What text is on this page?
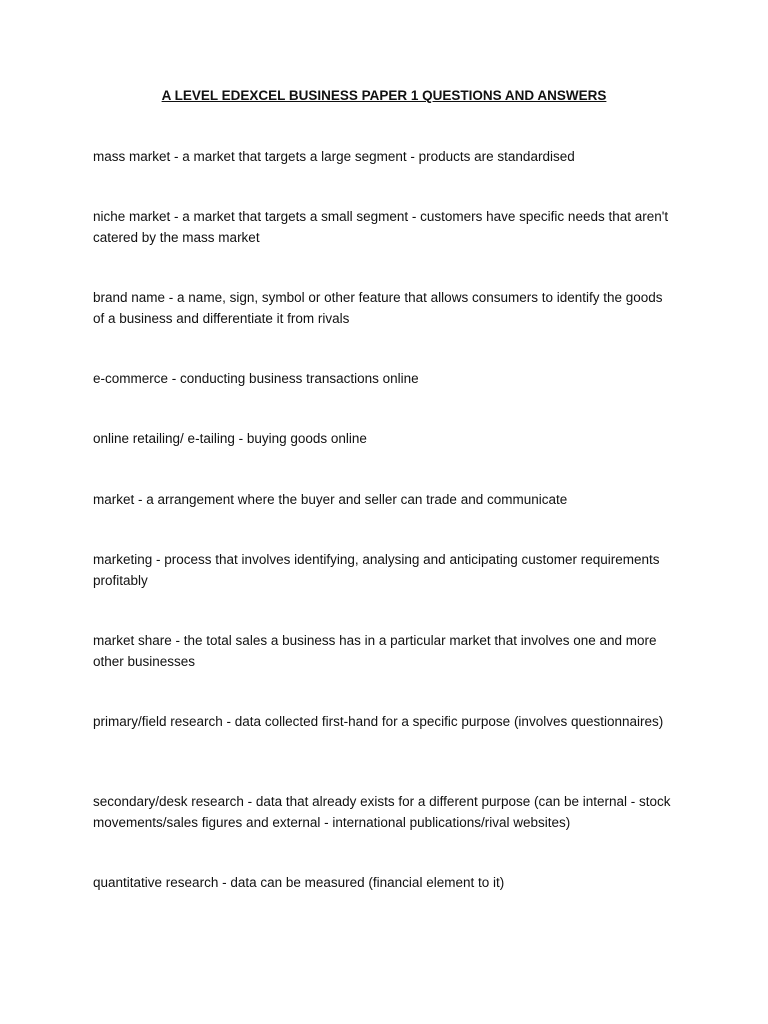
A LEVEL EDEXCEL BUSINESS PAPER 1 QUESTIONS AND ANSWERS
mass market - a market that targets a large segment - products are standardised
niche market - a market that targets a small segment - customers have specific needs that aren't catered by the mass market
brand name - a name, sign, symbol or other feature that allows consumers to identify the goods of a business and differentiate it from rivals
e-commerce - conducting business transactions online
online retailing/ e-tailing - buying goods online
market - a arrangement where the buyer and seller can trade and communicate
marketing - process that involves identifying, analysing and anticipating customer requirements profitably
market share - the total sales a business has in a particular market that involves one and more other businesses
primary/field research - data collected first-hand for a specific purpose (involves questionnaires)
secondary/desk research - data that already exists for a different purpose (can be internal - stock movements/sales figures and external - international publications/rival websites)
quantitative research - data can be measured (financial element to it)
